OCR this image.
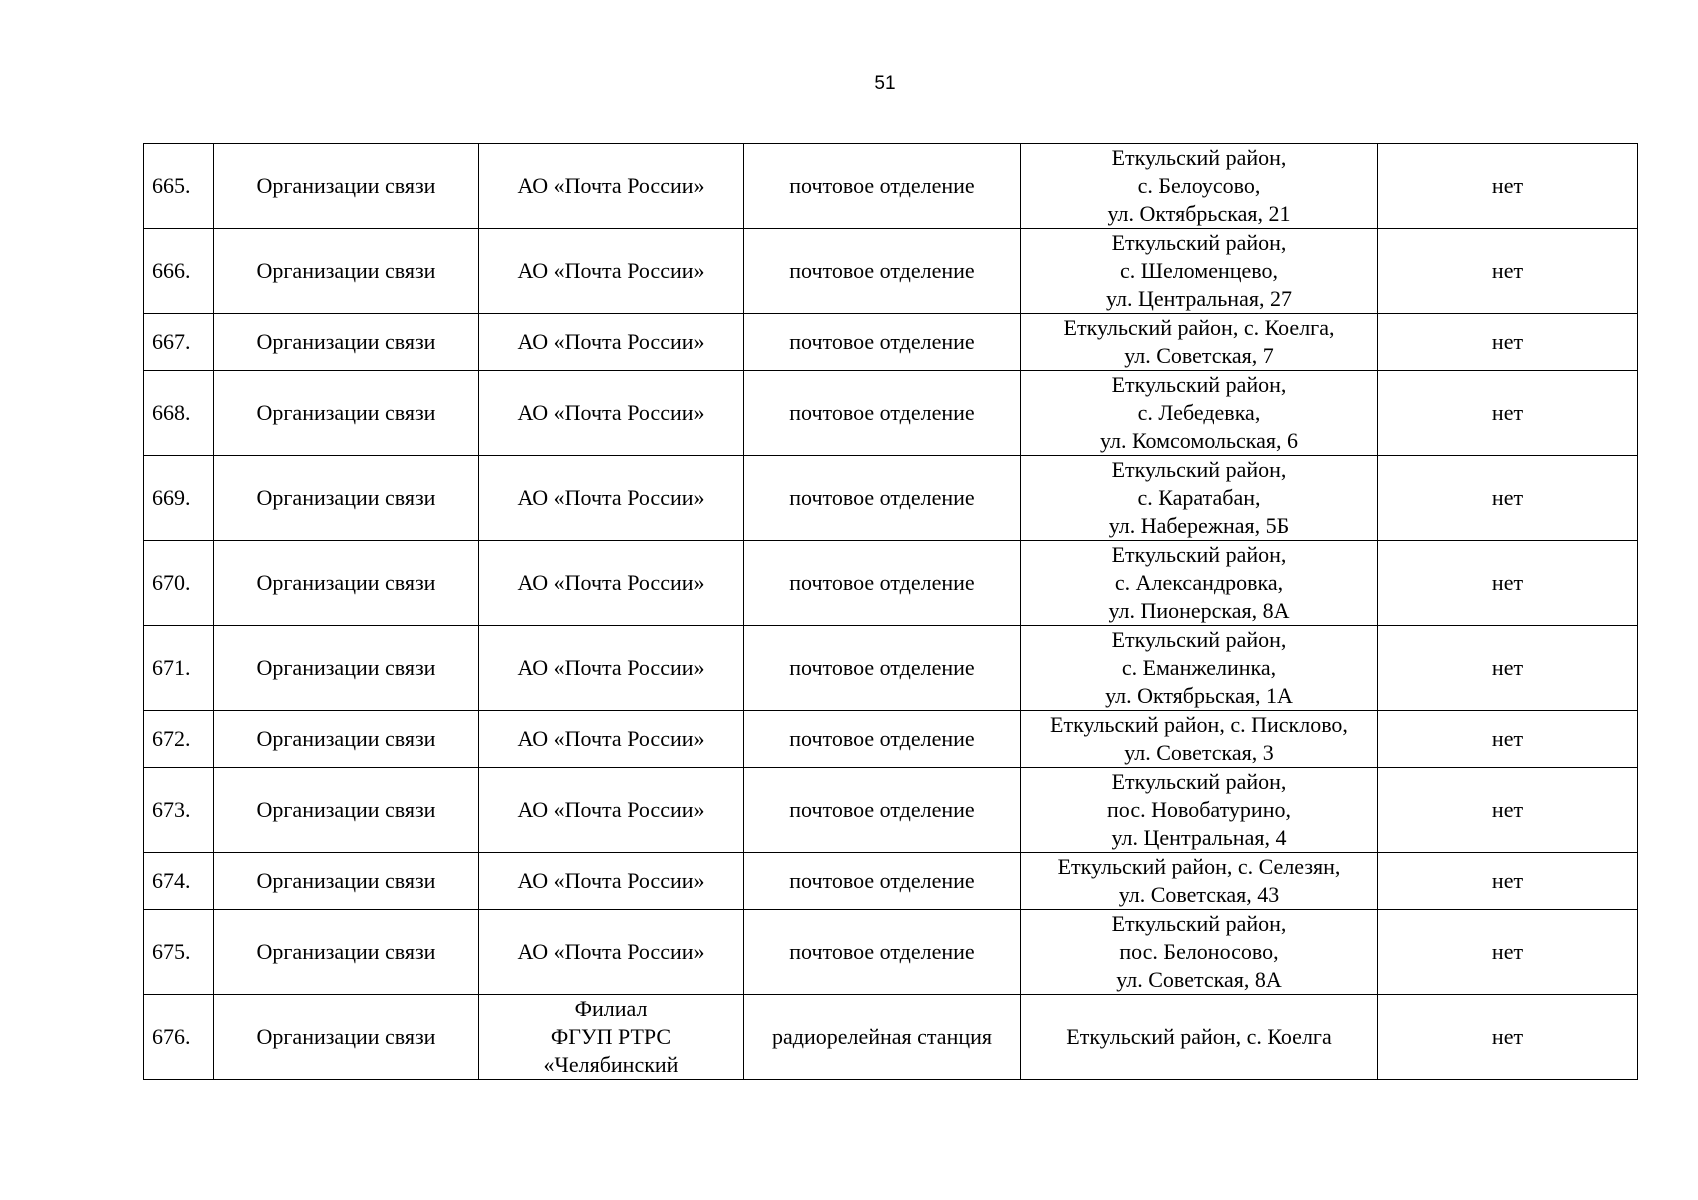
51
665.	Организации связи	АО «Почта России»	почтовое отделение	Еткульский район,
с. Белоусово,
ул. Октябрьская, 21	нет

666.	Организации связи	АО «Почта России»	почтовое отделение	Еткульский район,
с. Шеломенцево,
ул. Центральная, 27	нет

667.	Организации связи	АО «Почта России»	почтовое отделение	Еткульский район, с. Коелга,
ул. Советская, 7	нет

668.	Организации связи	АО «Почта России»	почтовое отделение	Еткульский район,
с. Лебедевка,
ул. Комсомольская, 6	нет

669.	Организации связи	АО «Почта России»	почтовое отделение	Еткульский район,
с. Каратабан,
ул. Набережная, 5Б	нет

670.	Организации связи	АО «Почта России»	почтовое отделение	Еткульский район,
с. Александровка,
ул. Пионерская, 8А	нет

671.	Организации связи	АО «Почта России»	почтовое отделение	Еткульский район,
с. Еманжелинка,
ул. Октябрьская, 1А	нет

672.	Организации связи	АО «Почта России»	почтовое отделение	Еткульский район, с. Писклово,
ул. Советская, 3	нет

673.	Организации связи	АО «Почта России»	почтовое отделение	Еткульский район,
пос. Новобатурино,
ул. Центральная, 4	нет

674.	Организации связи	АО «Почта России»	почтовое отделение	Еткульский район, с. Селезян,
ул. Советская, 43	нет

675.	Организации связи	АО «Почта России»	почтовое отделение	Еткульский район,
пос. Белоносово,
ул. Советская, 8А	нет

676.	Организации связи	Филиал
ФГУП РТРС
«Челябинский	радиорелейная станция	Еткульский район, с. Коелга	нет
